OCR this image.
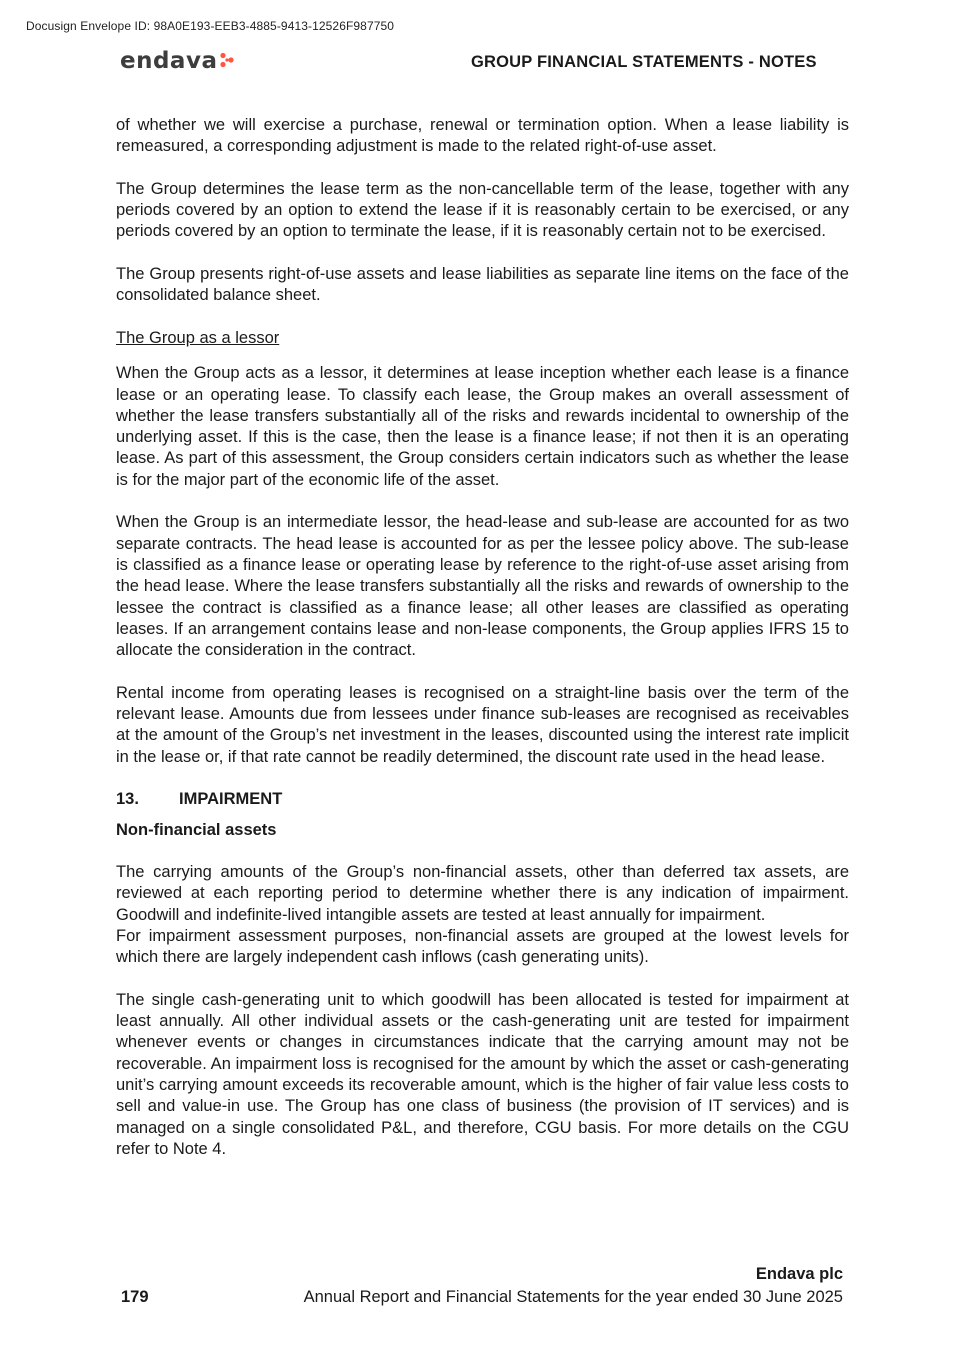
Docusign Envelope ID: 98A0E193-EEB3-4885-9413-12526F987750
endava	GROUP FINANCIAL STATEMENTS - NOTES

of whether we will exercise a purchase, renewal or termination option. When a lease liability is remeasured, a corresponding adjustment is made to the related right-of-use asset.

The Group determines the lease term as the non-cancellable term of the lease, together with any periods covered by an option to extend the lease if it is reasonably certain to be exercised, or any periods covered by an option to terminate the lease, if it is reasonably certain not to be exercised.

The Group presents right-of-use assets and lease liabilities as separate line items on the face of the consolidated balance sheet.

The Group as a lessor

When the Group acts as a lessor, it determines at lease inception whether each lease is a finance lease or an operating lease. To classify each lease, the Group makes an overall assessment of whether the lease transfers substantially all of the risks and rewards incidental to ownership of the underlying asset. If this is the case, then the lease is a finance lease; if not then it is an operating lease. As part of this assessment, the Group considers certain indicators such as whether the lease is for the major part of the economic life of the asset.

When the Group is an intermediate lessor, the head-lease and sub-lease are accounted for as two separate contracts. The head lease is accounted for as per the lessee policy above. The sub-lease is classified as a finance lease or operating lease by reference to the right-of-use asset arising from the head lease. Where the lease transfers substantially all the risks and rewards of ownership to the lessee the contract is classified as a finance lease; all other leases are classified as operating leases. If an arrangement contains lease and non-lease components, the Group applies IFRS 15 to allocate the consideration in the contract.

Rental income from operating leases is recognised on a straight-line basis over the term of the relevant lease. Amounts due from lessees under finance sub-leases are recognised as receivables at the amount of the Group’s net investment in the leases, discounted using the interest rate implicit in the lease or, if that rate cannot be readily determined, the discount rate used in the head lease.

13.	IMPAIRMENT

Non-financial assets

The carrying amounts of the Group’s non-financial assets, other than deferred tax assets, are reviewed at each reporting period to determine whether there is any indication of impairment. Goodwill and indefinite-lived intangible assets are tested at least annually for impairment.

For impairment assessment purposes, non-financial assets are grouped at the lowest levels for which there are largely independent cash inflows (cash generating units).

The single cash-generating unit to which goodwill has been allocated is tested for impairment at least annually. All other individual assets or the cash-generating unit are tested for impairment whenever events or changes in circumstances indicate that the carrying amount may not be recoverable. An impairment loss is recognised for the amount by which the asset or cash-generating unit’s carrying amount exceeds its recoverable amount, which is the higher of fair value less costs to sell and value-in use. The Group has one class of business (the provision of IT services) and is managed on a single consolidated P&L, and therefore, CGU basis. For more details on the CGU refer to Note 4.

Endava plc
179	Annual Report and Financial Statements for the year ended 30 June 2025
